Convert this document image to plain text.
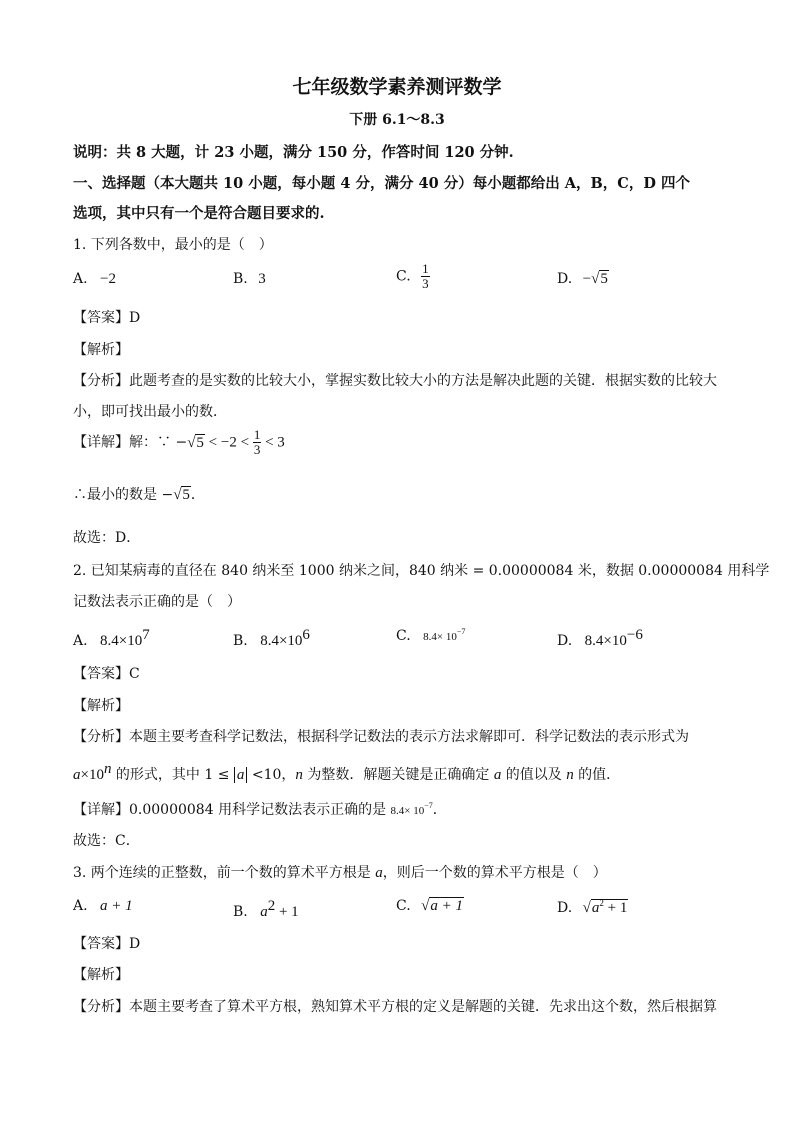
七年级数学素养测评数学
下册 6.1～8.3
说明：共 8 大题，计 23 小题，满分 150 分，作答时间 120 分钟.
一、选择题（本大题共 10 小题，每小题 4 分，满分 40 分）每小题都给出 A，B，C，D 四个
选项，其中只有一个是符合题目要求的.
1. 下列各数中，最小的是（　）
A. −2	B. 3	C. $\frac{1}{3}$	D. −√5
【答案】D
【解析】
【分析】此题考查的是实数的比较大小，掌握实数比较大小的方法是解决此题的关键．根据实数的比较大
小，即可找出最小的数．
【详解】解：∵ $-√5 < -2 < \frac{1}{3} < 3$
∴最小的数是 −√5．
故选：D．
2. 已知某病毒的直径在 840 纳米至 1000 纳米之间，840 纳米 = 0.00000084 米，数据 0.00000084 用科学
记数法表示正确的是（　）
A. $8.4\times 10^7$	B. $8.4\times 10^6$	C. $8.4\times 10^{-7}$
D. $8.4\times 10^{-6}$
【答案】C
【解析】
【分析】本题主要考查科学记数法，根据科学记数法的表示方法求解即可．科学记数法的表示形式为
$a\times 10^n$ 的形式，其中 1 ≤ a <10，n 为整数．解题关键是正确确定 a 的值以及 n 的值．
【详解】0.00000084 用科学记数法表示正确的是 $8.4\times 10^{-7}$．
故选：C．
3. 两个连续的正整数，前一个数的算术平方根是 a，则后一个数的算术平方根是（　）
A. a + 1	B. $a^2 + 1$	C. √a + 1	D. $√a^2 + 1$
【答案】D
【解析】
【分析】本题主要考查了算术平方根，熟知算术平方根的定义是解题的关键．先求出这个数，然后根据算
